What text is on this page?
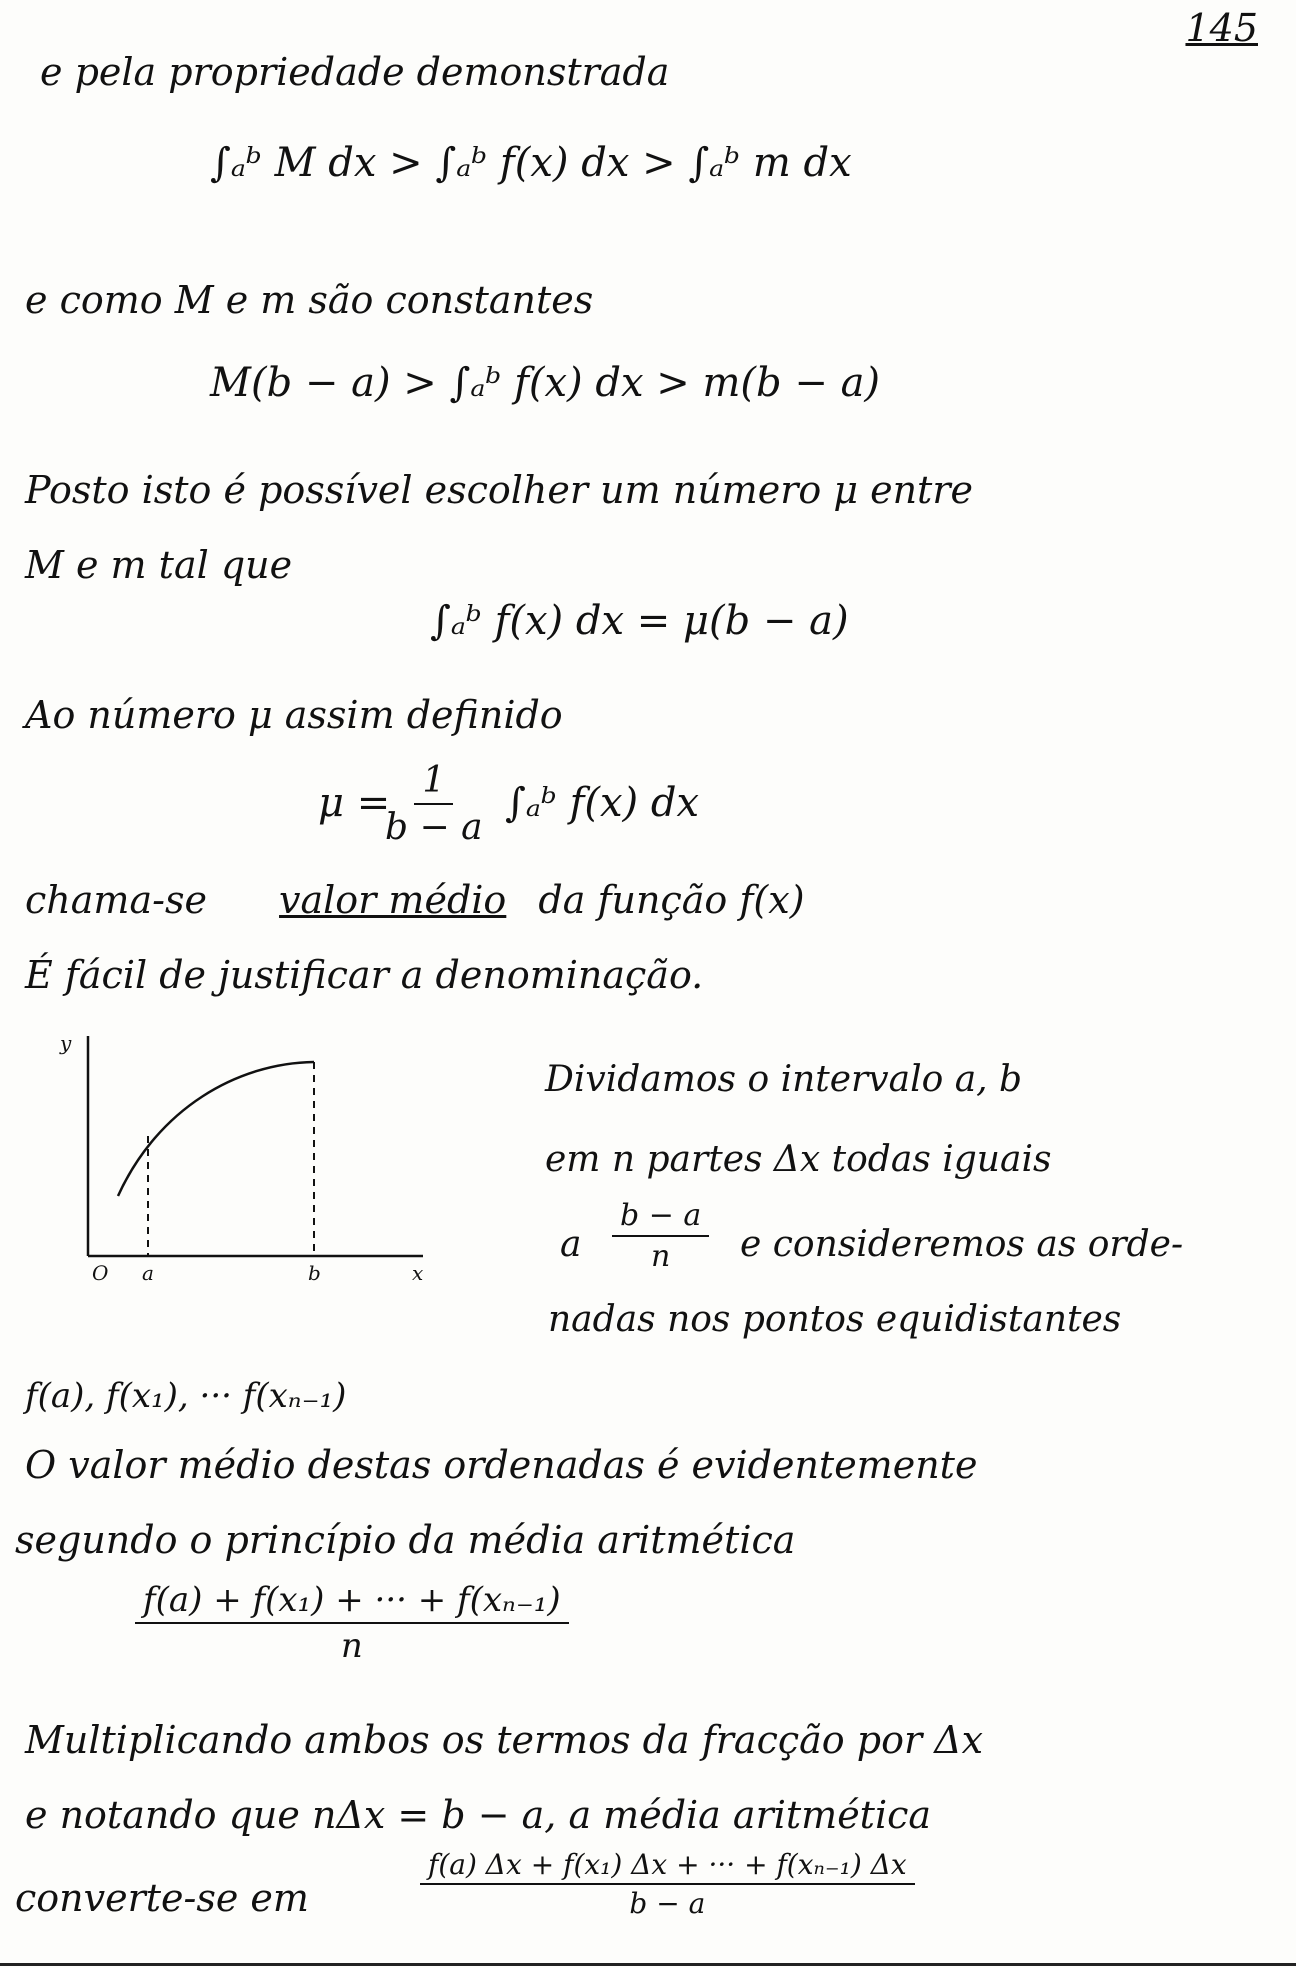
145
e pela propriedade demonstrada
∫ₐᵇ M dx > ∫ₐᵇ f(x) dx > ∫ₐᵇ m dx
e como M e m são constantes
M(b − a) > ∫ₐᵇ f(x) dx > m(b − a)
Posto isto é possível escolher um número μ entre
M e m tal que
∫ₐᵇ f(x) dx = μ(b − a)
Ao número μ assim definido
μ =
$\frac{1}{b - a}$ ∫ₐᵇ f(x) dx
chama-se valor médio da função f(x)
É fácil de justificar a denominação.
y
O a	b	x
Dividamos o intervalo a, b
em n partes Δx todas iguais
a $\frac{b - a}{n}$ e consideremos as orde-
nadas nos pontos equidistantes
f(a), f(x₁), ··· f(xₙ₋₁)
O valor médio destas ordenadas é evidentemente
segundo o princípio da média aritmética
$\frac{\text{f(a) + f(x₁) + ··· + f(xₙ₋₁)}}{n}$
Multiplicando ambos os termos da fracção por Δx
e notando que nΔx = b − a, a média aritmética
converte-se em	$\frac{\text{f(a) Δx + f(x₁) Δx + ··· + f(xₙ₋₁) Δx}}{b - a}$
